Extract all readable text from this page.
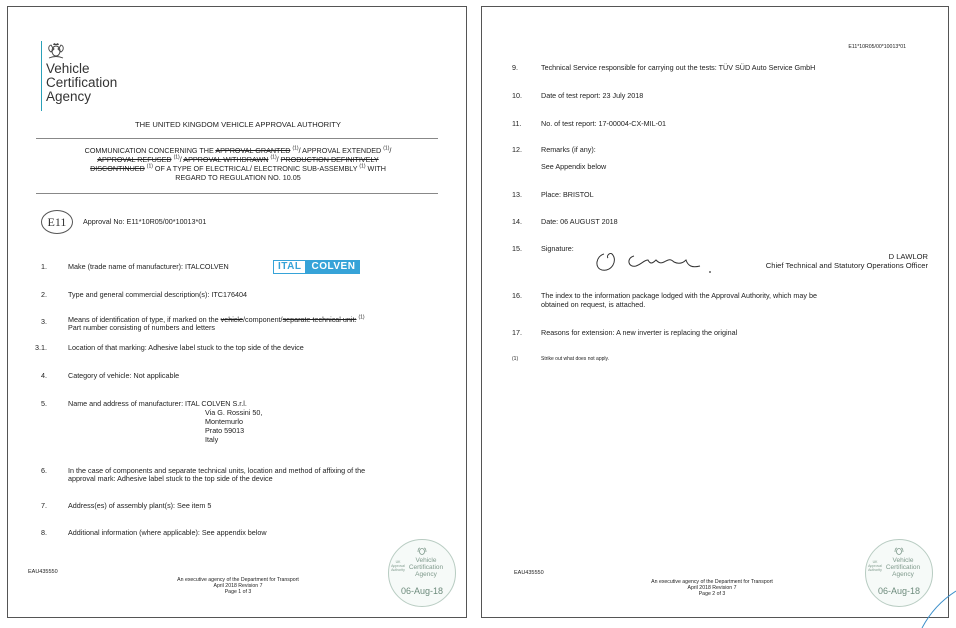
Vehicle
Certification
Agency
THE UNITED KINGDOM VEHICLE APPROVAL AUTHORITY
COMMUNICATION CONCERNING THE APPROVAL GRANTED $^{(1)}$/ APPROVAL EXTENDED $^{(1)}$/
APPROVAL REFUSED $^{(1)}$/ APPROVAL WITHDRAWN $^{(1)}$/ PRODUCTION DEFINITIVELY
DISCONTINUED $^{(1)}$ OF A TYPE OF ELECTRICAL/ ELECTRONIC SUB-ASSEMBLY $^{(1)}$ WITH
REGARD TO REGULATION NO. 10.05
E11	Approval No: E11*10R05/00*10013*01
1.	Make (trade name of manufacturer): ITALCOLVEN	ITAL	COLVEN
2.	Type and general commercial description(s): ITC176404
3.	Means of identification of type, if marked on the vehicle/component/separate technical unit: $^{(1)}$
Part number consisting of numbers and letters
3.1.	Location of that marking: Adhesive label stuck to the top side of the device
4.	Category of vehicle: Not applicable
5.	Name and address of manufacturer: ITAL COLVEN S.r.l.
Via G. Rossini 50,
Montemurlo
Prato 59013
Italy
6.	In the case of components and separate technical units, location and method of affixing of the
approval mark: Adhesive label stuck to the top side of the device
7.	Address(es) of assembly plant(s): See item 5
8.	Additional information (where applicable): See appendix below
EAU435550
An executive agency of the Department for Transport
April 2018 Revision 7
Page 1 of 3
Vehicle
Certification
Agency
UK
Approval
Authority
06-Aug-18
E11*10R05/00*10013*01
9.	Technical Service responsible for carrying out the tests: TÜV SÜD Auto Service GmbH
10.	Date of test report: 23 July 2018
11.	No. of test report: 17-00004-CX-MIL-01
12.	Remarks (if any):
See Appendix below
13.	Place: BRISTOL
14.	Date: 06 AUGUST 2018
15.	Signature:
D LAWLOR
Chief Technical and Statutory Operations Officer
16.	The index to the information package lodged with the Approval Authority, which may be
obtained on request, is attached.
17.	Reasons for extension: A new inverter is replacing the original
(1)	Strike out what does not apply.
EAU435550
An executive agency of the Department for Transport
April 2018 Revision 7
Page 2 of 3
Vehicle
Certification
Agency
UK
Approval
Authority
06-Aug-18
